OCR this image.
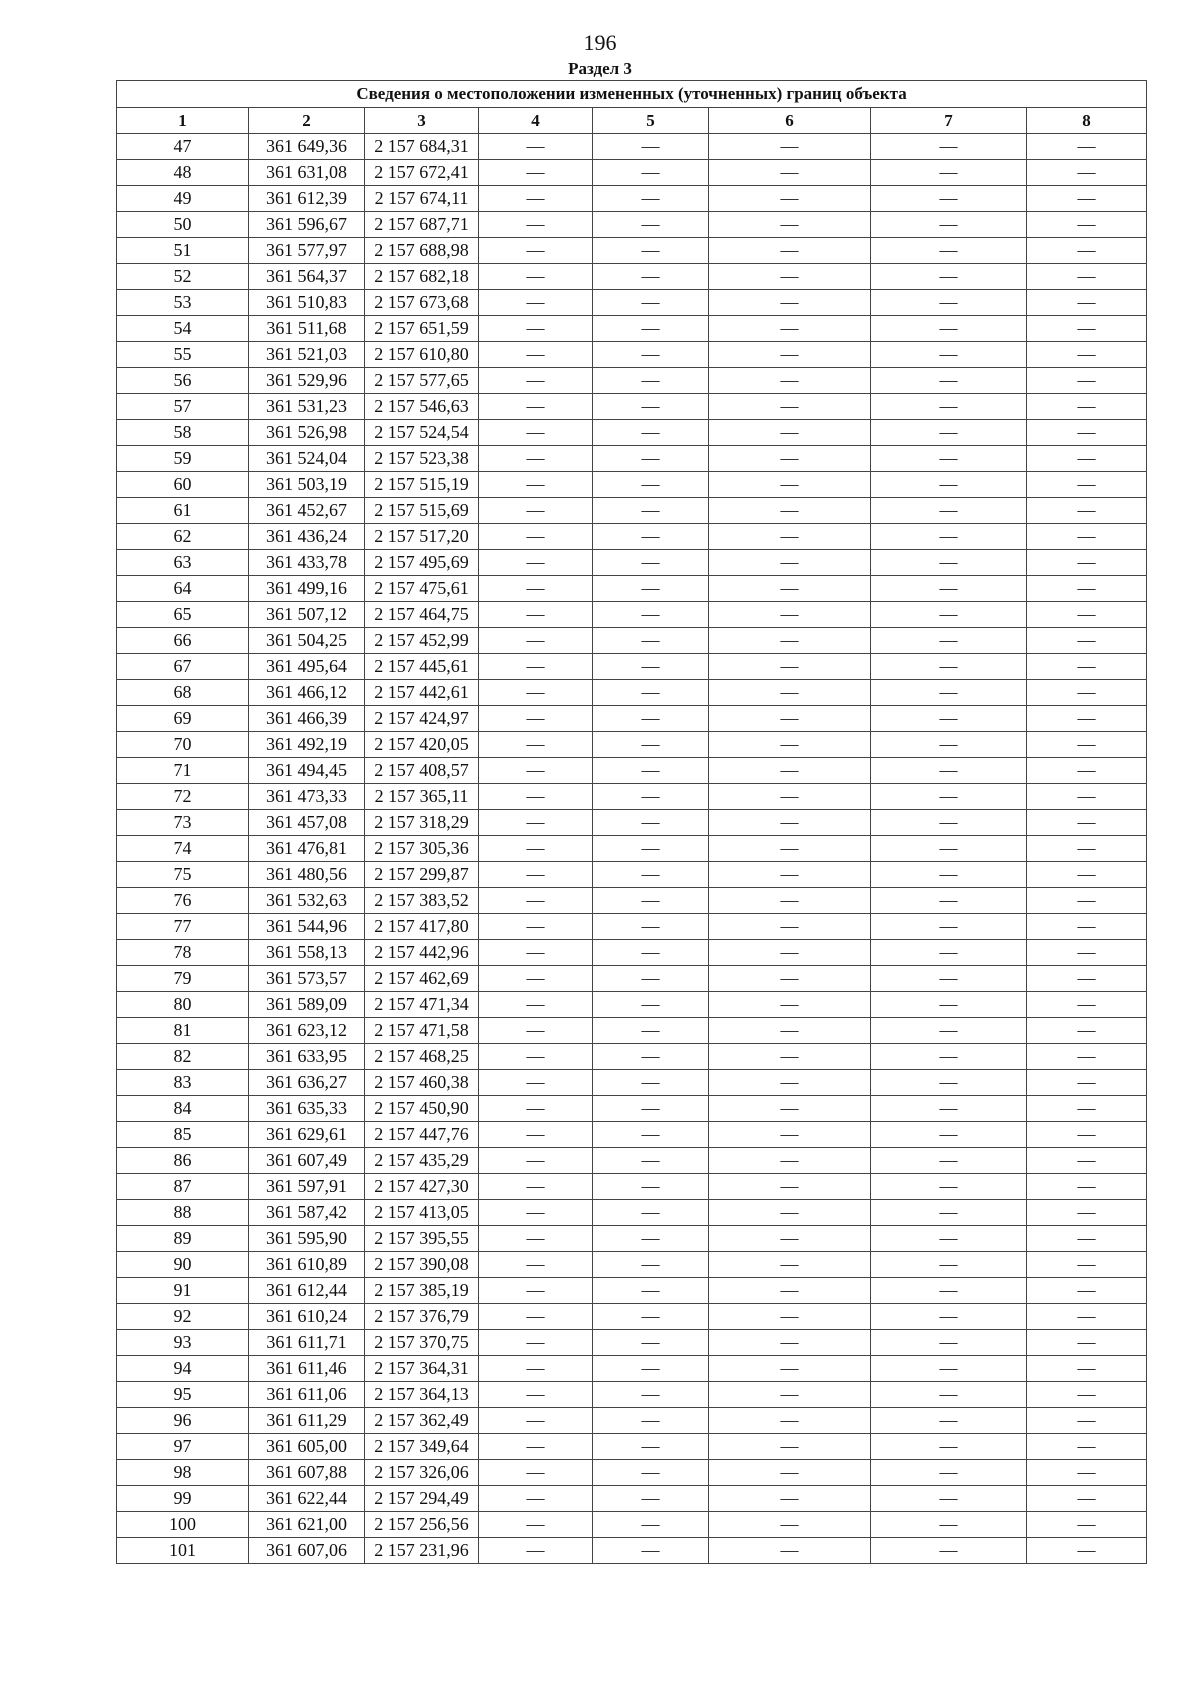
196
Раздел 3
Сведения о местоположении измененных (уточненных) границ объекта							
1	2	3	4	5	6	7	8
47	361 649,36	2 157 684,31	—	—	—	—	—
48	361 631,08	2 157 672,41	—	—	—	—	—
49	361 612,39	2 157 674,11	—	—	—	—	—
50	361 596,67	2 157 687,71	—	—	—	—	—
51	361 577,97	2 157 688,98	—	—	—	—	—
52	361 564,37	2 157 682,18	—	—	—	—	—
53	361 510,83	2 157 673,68	—	—	—	—	—
54	361 511,68	2 157 651,59	—	—	—	—	—
55	361 521,03	2 157 610,80	—	—	—	—	—
56	361 529,96	2 157 577,65	—	—	—	—	—
57	361 531,23	2 157 546,63	—	—	—	—	—
58	361 526,98	2 157 524,54	—	—	—	—	—
59	361 524,04	2 157 523,38	—	—	—	—	—
60	361 503,19	2 157 515,19	—	—	—	—	—
61	361 452,67	2 157 515,69	—	—	—	—	—
62	361 436,24	2 157 517,20	—	—	—	—	—
63	361 433,78	2 157 495,69	—	—	—	—	—
64	361 499,16	2 157 475,61	—	—	—	—	—
65	361 507,12	2 157 464,75	—	—	—	—	—
66	361 504,25	2 157 452,99	—	—	—	—	—
67	361 495,64	2 157 445,61	—	—	—	—	—
68	361 466,12	2 157 442,61	—	—	—	—	—
69	361 466,39	2 157 424,97	—	—	—	—	—
70	361 492,19	2 157 420,05	—	—	—	—	—
71	361 494,45	2 157 408,57	—	—	—	—	—
72	361 473,33	2 157 365,11	—	—	—	—	—
73	361 457,08	2 157 318,29	—	—	—	—	—
74	361 476,81	2 157 305,36	—	—	—	—	—
75	361 480,56	2 157 299,87	—	—	—	—	—
76	361 532,63	2 157 383,52	—	—	—	—	—
77	361 544,96	2 157 417,80	—	—	—	—	—
78	361 558,13	2 157 442,96	—	—	—	—	—
79	361 573,57	2 157 462,69	—	—	—	—	—
80	361 589,09	2 157 471,34	—	—	—	—	—
81	361 623,12	2 157 471,58	—	—	—	—	—
82	361 633,95	2 157 468,25	—	—	—	—	—
83	361 636,27	2 157 460,38	—	—	—	—	—
84	361 635,33	2 157 450,90	—	—	—	—	—
85	361 629,61	2 157 447,76	—	—	—	—	—
86	361 607,49	2 157 435,29	—	—	—	—	—
87	361 597,91	2 157 427,30	—	—	—	—	—
88	361 587,42	2 157 413,05	—	—	—	—	—
89	361 595,90	2 157 395,55	—	—	—	—	—
90	361 610,89	2 157 390,08	—	—	—	—	—
91	361 612,44	2 157 385,19	—	—	—	—	—
92	361 610,24	2 157 376,79	—	—	—	—	—
93	361 611,71	2 157 370,75	—	—	—	—	—
94	361 611,46	2 157 364,31	—	—	—	—	—
95	361 611,06	2 157 364,13	—	—	—	—	—
96	361 611,29	2 157 362,49	—	—	—	—	—
97	361 605,00	2 157 349,64	—	—	—	—	—
98	361 607,88	2 157 326,06	—	—	—	—	—
99	361 622,44	2 157 294,49	—	—	—	—	—
100	361 621,00	2 157 256,56	—	—	—	—	—
101	361 607,06	2 157 231,96	—	—	—	—	—
